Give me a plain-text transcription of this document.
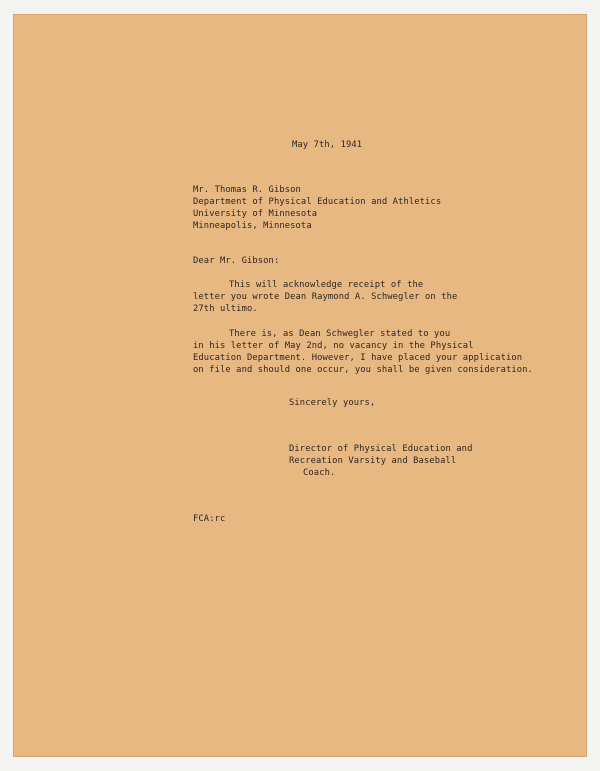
May 7th, 1941
Mr. Thomas R. Gibson
Department of Physical Education and Athletics
University of Minnesota
Minneapolis, Minnesota
Dear Mr. Gibson:
This will acknowledge receipt of the
letter you wrote Dean Raymond A. Schwegler on the
27th ultimo.
There is, as Dean Schwegler stated to you
in his letter of May 2nd, no vacancy in the Physical
Education Department. However, I have placed your application
on file and should one occur, you shall be given consideration.
Sincerely yours,
Director of Physical Education and
Recreation Varsity and Baseball
Coach.
FCA:rc
